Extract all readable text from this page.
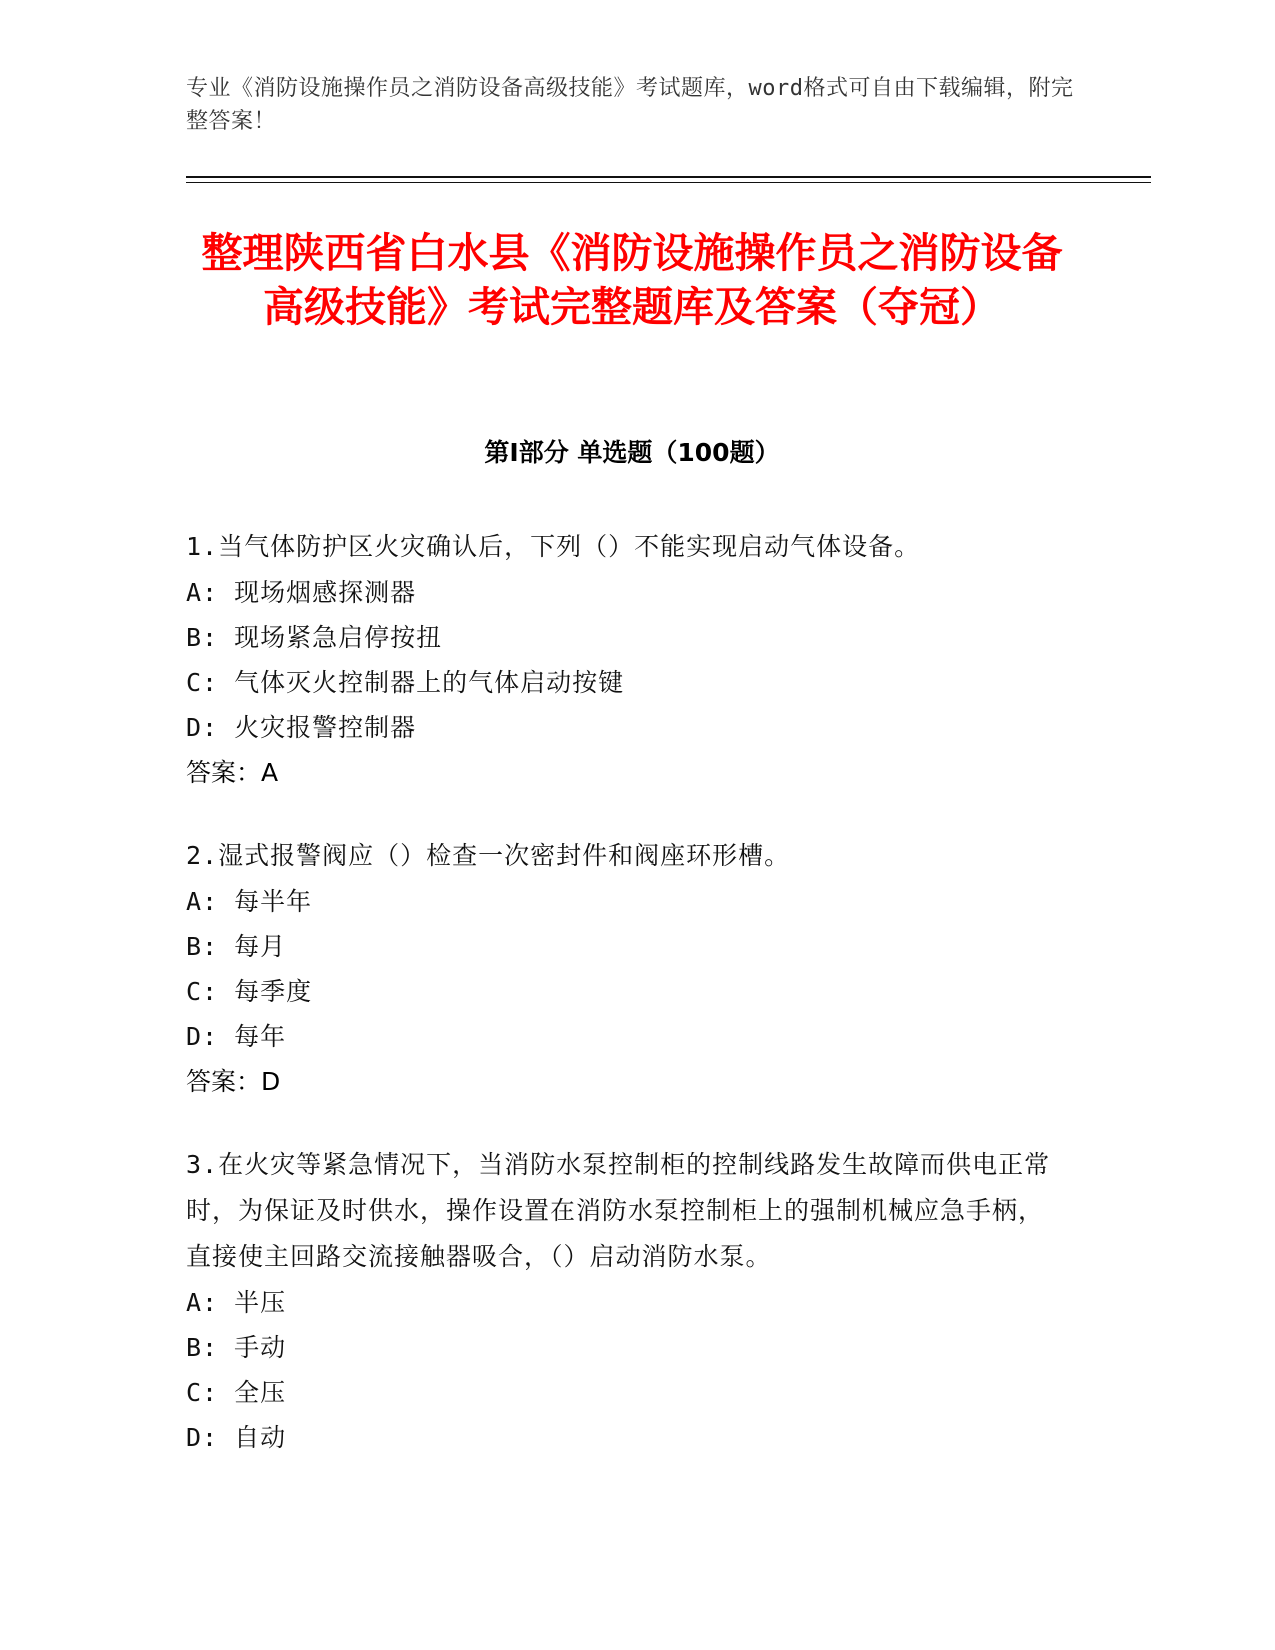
专业《消防设施操作员之消防设备高级技能》考试题库，word格式可自由下载编辑，附完整答案！
整理陕西省白水县《消防设施操作员之消防设备高级技能》考试完整题库及答案（夺冠）
第Ⅰ部分 单选题（100题）
1.当气体防护区火灾确认后，下列（）不能实现启动气体设备。
A: 现场烟感探测器
B: 现场紧急启停按扭
C: 气体灭火控制器上的气体启动按键
D: 火灾报警控制器
答案：A
2.湿式报警阀应（）检查一次密封件和阀座环形槽。
A: 每半年
B: 每月
C: 每季度
D: 每年
答案：D
3.在火灾等紧急情况下，当消防水泵控制柜的控制线路发生故障而供电正常时，为保证及时供水，操作设置在消防水泵控制柜上的强制机械应急手柄，直接使主回路交流接触器吸合，（）启动消防水泵。
A: 半压
B: 手动
C: 全压
D: 自动
